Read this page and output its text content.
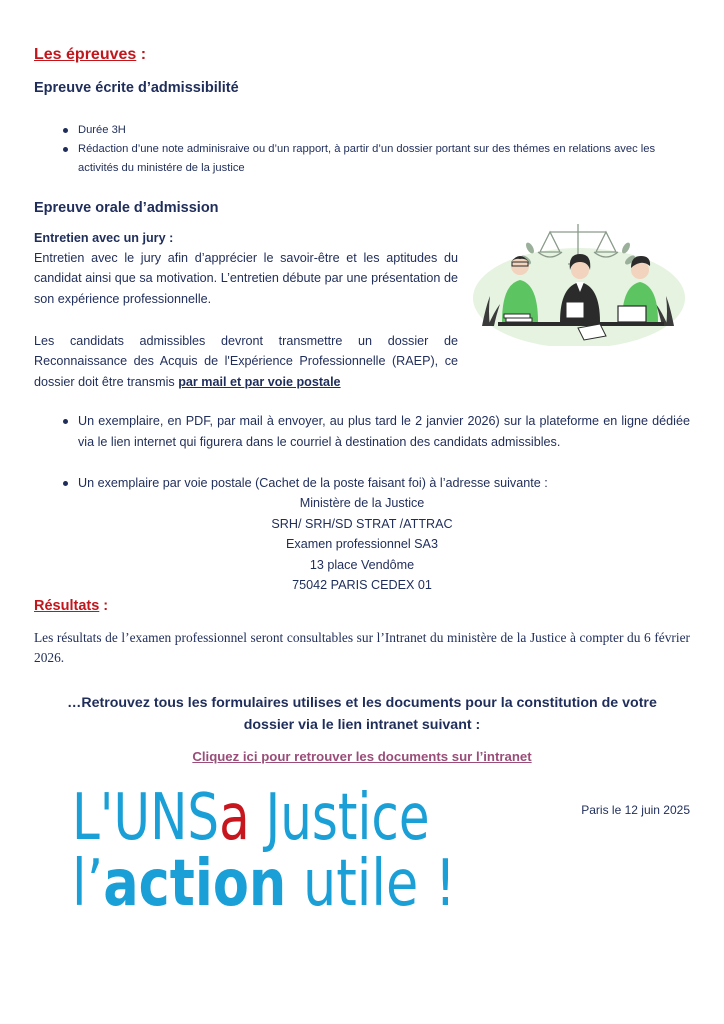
Les épreuves :
Epreuve écrite d’admissibilité
Durée 3H
Rédaction d’une note adminisraive ou d’un rapport, à partir d’un dossier portant sur des thémes en relations avec les activités du ministére de la justice
Epreuve orale d’admission
Entretien avec un jury :
Entretien avec le jury afin d’apprécier le savoir-être et les aptitudes du candidat ainsi que sa motivation. L’entretien débute par une présentation de son expérience professionnelle.
Les candidats admissibles devront transmettre un dossier de Reconnaissance des Acquis de l'Expérience Professionnelle (RAEP), ce dossier doit être transmis par mail et par voie postale
Un exemplaire, en PDF, par mail à envoyer, au plus tard le 2 janvier 2026) sur la plateforme en ligne dédiée via le lien internet qui figurera dans le courriel à destination des candidats admissibles.
Un exemplaire par voie postale (Cachet de la poste faisant foi) à l’adresse suivante :
Ministère de la Justice
SRH/ SRH/SD STRAT /ATTRAC
Examen professionnel SA3
13 place Vendôme
75042 PARIS CEDEX 01
Résultats :
Les résultats de l’examen professionnel seront consultables sur l’Intranet du ministère de la Justice à compter du 6 février 2026.
…Retrouvez tous les formulaires utilises et les documents pour la constitution de votre dossier via le lien intranet suivant :
Cliquez ici pour retrouver les documents sur l’intranet
Paris le 12 juin 2025
L'UNSa Justice
l’action utile !
